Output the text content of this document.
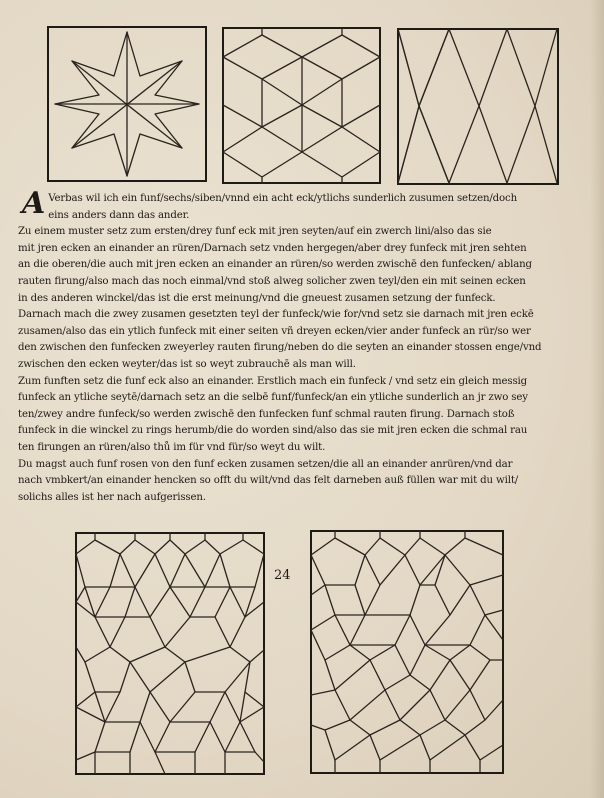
A Verbas wil ich ein funf/sechs/siben/vnnd ein acht eck/ytlichs sunderlich zusumen setzen/doch

eins anders dann das ander.

Zu einem muster setz zum ersten/drey funf eck mit jren seyten/auf ein zwerch lini/also das sie

mit jren ecken an einander an rüren/Darnach setz vnden hergegen/aber drey funfeck mit jren sehten

an die oberen/die auch mit jren ecken an einander an rüren/so werden zwischē den funfecken/ ablang

rauten firung/also mach das noch einmal/vnd stoß alweg solicher zwen teyl/den ein mit seinen ecken

in des anderen winckel/das ist die erst meinung/vnd die gneuest zusamen setzung der funfeck.

Darnach mach die zwey zusamen gesetzten teyl der funfeck/wie for/vnd setz sie darnach mit jren eckē

zusamen/also das ein ytlich funfeck mit einer seiten vñ dreyen ecken/vier ander funfeck an rür/so wer

den zwischen den funfecken zweyerley rauten firung/neben do die seyten an einander stossen enge/vnd

zwischen den ecken weyter/das ist so weyt zubrauchē als man will.

Zum funften setz die funf eck also an einander. Erstlich mach ein funfeck / vnd setz ein gleich messig

funfeck an ytliche seytē/darnach setz an die selbē funf/funfeck/an ein ytliche sunderlich an jr zwo sey

ten/zwey andre funfeck/so werden zwischē den funfecken funf schmal rauten firung. Darnach stoß

funfeck in die winckel zu rings herumb/die do worden sind/also das sie mit jren ecken die schmal rau

ten firungen an rüren/also thů im für vnd für/so weyt du wilt.

Du magst auch funf rosen von den funf ecken zusamen setzen/die all an einander anrüren/vnd dar

nach vmbkert/an einander hencken so offt du wilt/vnd das felt darneben auß füllen war mit du wilt/

solichs alles ist her nach aufgerissen.

24
